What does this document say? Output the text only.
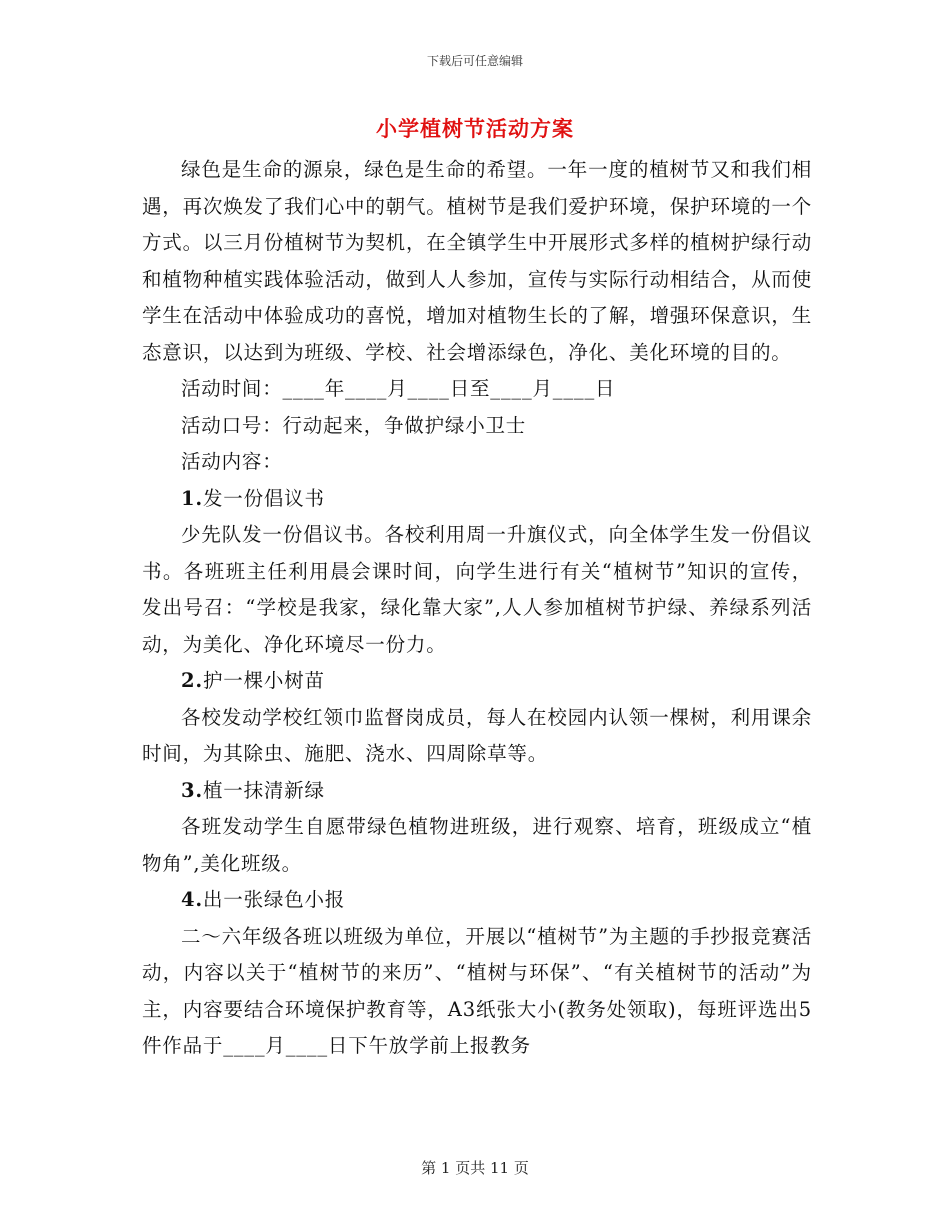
下载后可任意编辑
小学植树节活动方案

绿色是生命的源泉，绿色是生命的希望。一年一度的植树节又和我们相遇，再次焕发了我们心中的朝气。植树节是我们爱护环境，保护环境的一个方式。以三月份植树节为契机，在全镇学生中开展形式多样的植树护绿行动和植物种植实践体验活动，做到人人参加，宣传与实际行动相结合，从而使学生在活动中体验成功的喜悦，增加对植物生长的了解，增强环保意识，生态意识，以达到为班级、学校、社会增添绿色，净化、美化环境的目的。

活动时间：____年____月____日至____月____日

活动口号：行动起来，争做护绿小卫士

活动内容：

1.发一份倡议书

少先队发一份倡议书。各校利用周一升旗仪式，向全体学生发一份倡议书。各班班主任利用晨会课时间，向学生进行有关“植树节”知识的宣传，发出号召：“学校是我家，绿化靠大家”,人人参加植树节护绿、养绿系列活动，为美化、净化环境尽一份力。

2.护一棵小树苗

各校发动学校红领巾监督岗成员，每人在校园内认领一棵树，利用课余时间，为其除虫、施肥、浇水、四周除草等。

3.植一抹清新绿

各班发动学生自愿带绿色植物进班级，进行观察、培育，班级成立“植物角”,美化班级。

4.出一张绿色小报

二～六年级各班以班级为单位，开展以“植树节”为主题的手抄报竞赛活动，内容以关于“植树节的来历”、“植树与环保”、“有关植树节的活动”为主，内容要结合环境保护教育等，A3纸张大小(教务处领取)，每班评选出5件作品于____月____日下午放学前上报教务

第 1 页共 11 页
